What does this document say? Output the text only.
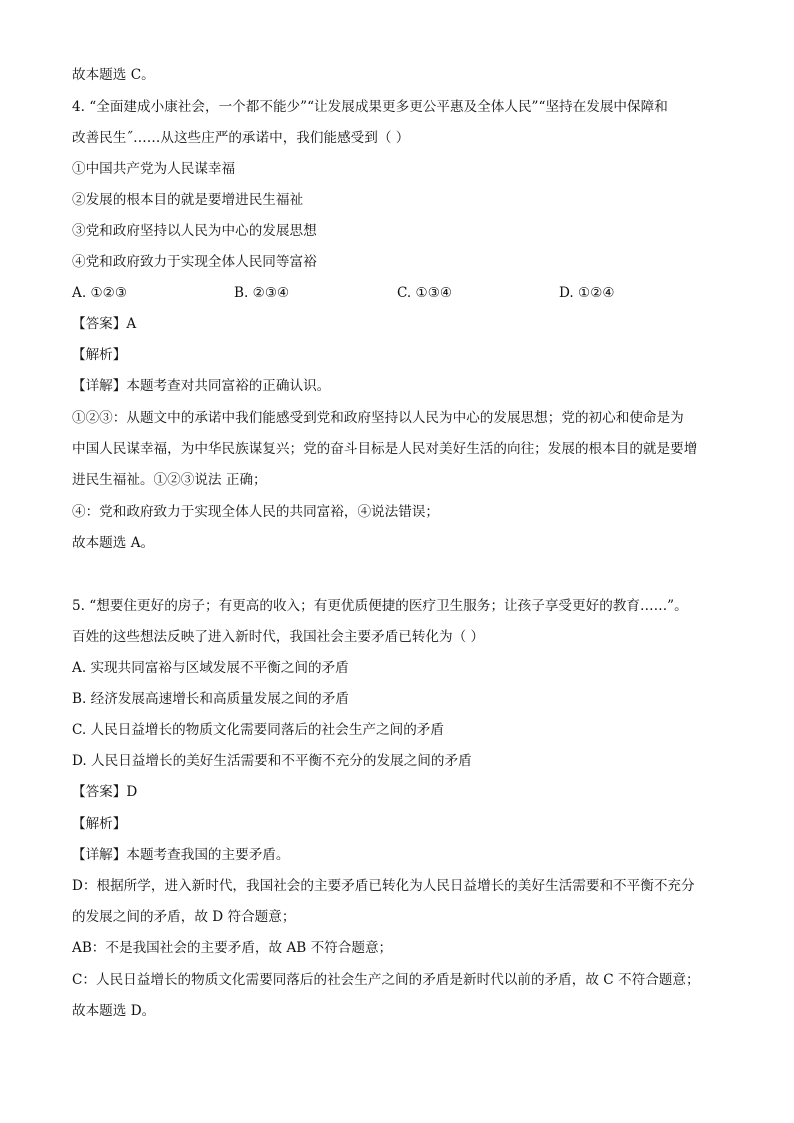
故本题选 C。
4. “全面建成小康社会，一个都不能少”“让发展成果更多更公平惠及全体人民”“坚持在发展中保障和
改善民生˝……从这些庄严的承诺中，我们能感受到（ ）
①中国共产党为人民谋幸福
②发展的根本目的就是要增进民生福祉
③党和政府坚持以人民为中心的发展思想
④党和政府致力于实现全体人民同等富裕
A. ①②③	B. ②③④	C. ①③④	D. ①②④
【答案】A
【解析】
【详解】本题考查对共同富裕的正确认识。
①②③：从题文中的承诺中我们能感受到党和政府坚持以人民为中心的发展思想；党的初心和使命是为
中国人民谋幸福，为中华民族谋复兴；党的奋斗目标是人民对美好生活的向往；发展的根本目的就是要增
进民生福祉。①②③说法 正确；
④：党和政府致力于实现全体人民的共同富裕，④说法错误；
故本题选 A。
5. “想要住更好的房子；有更高的收入；有更优质便捷的医疗卫生服务；让孩子享受更好的教育……”。
百姓的这些想法反映了进入新时代，我国社会主要矛盾已转化为（ ）
A. 实现共同富裕与区域发展不平衡之间的矛盾
B. 经济发展高速增长和高质量发展之间的矛盾
C. 人民日益增长的物质文化需要同落后的社会生产之间的矛盾
D. 人民日益增长的美好生活需要和不平衡不充分的发展之间的矛盾
【答案】D
【解析】
【详解】本题考查我国的主要矛盾。
D：根据所学，进入新时代，我国社会的主要矛盾已转化为人民日益增长的美好生活需要和不平衡不充分
的发展之间的矛盾，故 D 符合题意；
AB：不是我国社会的主要矛盾，故 AB 不符合题意；
C：人民日益增长的物质文化需要同落后的社会生产之间的矛盾是新时代以前的矛盾，故 C 不符合题意；
故本题选 D。
